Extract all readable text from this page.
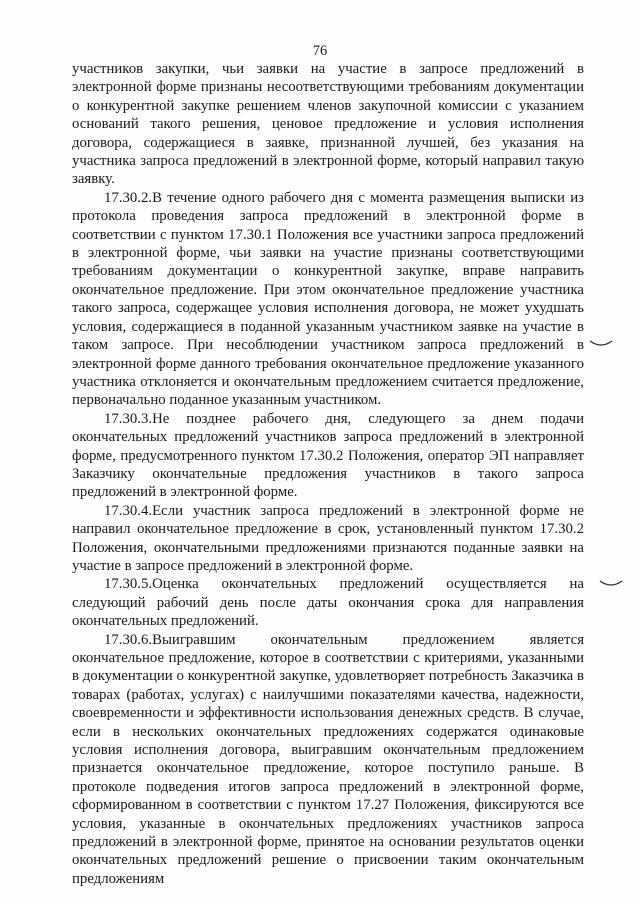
76

участников закупки, чьи заявки на участие в запросе предложений в электронной форме признаны несоответствующими требованиям документации о конкурентной закупке решением членов закупочной комиссии с указанием оснований такого решения, ценовое предложение и условия исполнения договора, содержащиеся в заявке, признанной лучшей, без указания на участника запроса предложений в электронной форме, который направил такую заявку.

17.30.2.В течение одного рабочего дня с момента размещения выписки из протокола проведения запроса предложений в электронной форме в соответствии с пунктом 17.30.1 Положения все участники запроса предложений в электронной форме, чьи заявки на участие признаны соответствующими требованиям документации о конкурентной закупке, вправе направить окончательное предложение. При этом окончательное предложение участника такого запроса, содержащее условия исполнения договора, не может ухудшать условия, содержащиеся в поданной указанным участником заявке на участие в таком запросе. При несоблюдении участником запроса предложений в электронной форме данного требования окончательное предложение указанного участника отклоняется и окончательным предложением считается предложение, первоначально поданное указанным участником.

17.30.3.Не позднее рабочего дня, следующего за днем подачи окончательных предложений участников запроса предложений в электронной форме, предусмотренного пунктом 17.30.2 Положения, оператор ЭП направляет Заказчику окончательные предложения участников в такого запроса предложений в электронной форме.

17.30.4.Если участник запроса предложений в электронной форме не направил окончательное предложение в срок, установленный пунктом 17.30.2 Положения, окончательными предложениями признаются поданные заявки на участие в запросе предложений в электронной форме.

17.30.5.Оценка окончательных предложений осуществляется на следующий рабочий день после даты окончания срока для направления окончательных предложений.

17.30.6.Выигравшим окончательным предложением является окончательное предложение, которое в соответствии с критериями, указанными в документации о конкурентной закупке, удовлетворяет потребность Заказчика в товарах (работах, услугах) с наилучшими показателями качества, надежности, своевременности и эффективности использования денежных средств. В случае, если в нескольких окончательных предложениях содержатся одинаковые условия исполнения договора, выигравшим окончательным предложением признается окончательное предложение, которое поступило раньше. В протоколе подведения итогов запроса предложений в электронной форме, сформированном в соответствии с пунктом 17.27 Положения, фиксируются все условия, указанные в окончательных предложениях участников запроса предложений в электронной форме, принятое на основании результатов оценки окончательных предложений решение о присвоении таким окончательным предложениям
